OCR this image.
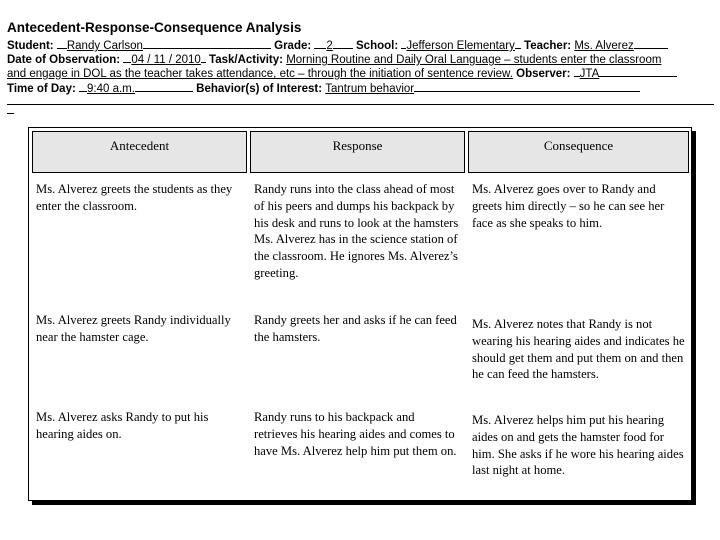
Antecedent-Response-Consequence Analysis
Student: Randy Carlson	Grade: 2 School: Jefferson Elementary Teacher: Ms. Alverez
Date of Observation: 04 / 11 / 2010 Task/Activity: Morning Routine and Daily Oral Language – students enter the classroom
and engage in DOL as the teacher takes attendance, etc – through the initiation of sentence review. Observer: JTA
Time of Day: 9:40 a.m.	Behavior(s) of Interest: Tantrum behavior
Antecedent	Response	Consequence
Ms. Alverez greets the students as they enter the classroom.	Randy runs into the class ahead of most of his peers and dumps his backpack by his desk and runs to look at the hamsters Ms. Alverez has in the science station of the classroom. He ignores Ms. Alverez’s greeting.	Ms. Alverez goes over to Randy and greets him directly – so he can see her face as she speaks to him.
Ms. Alverez greets Randy individually near the hamster cage.	Randy greets her and asks if he can feed the hamsters.	Ms. Alverez notes that Randy is not wearing his hearing aides and indicates he should get them and put them on and then he can feed the hamsters.
Ms. Alverez asks Randy to put his hearing aides on.	Randy runs to his backpack and retrieves his hearing aides and comes to have Ms. Alverez help him put them on.	Ms. Alverez helps him put his hearing aides on and gets the hamster food for him. She asks if he wore his hearing aides last night at home.
